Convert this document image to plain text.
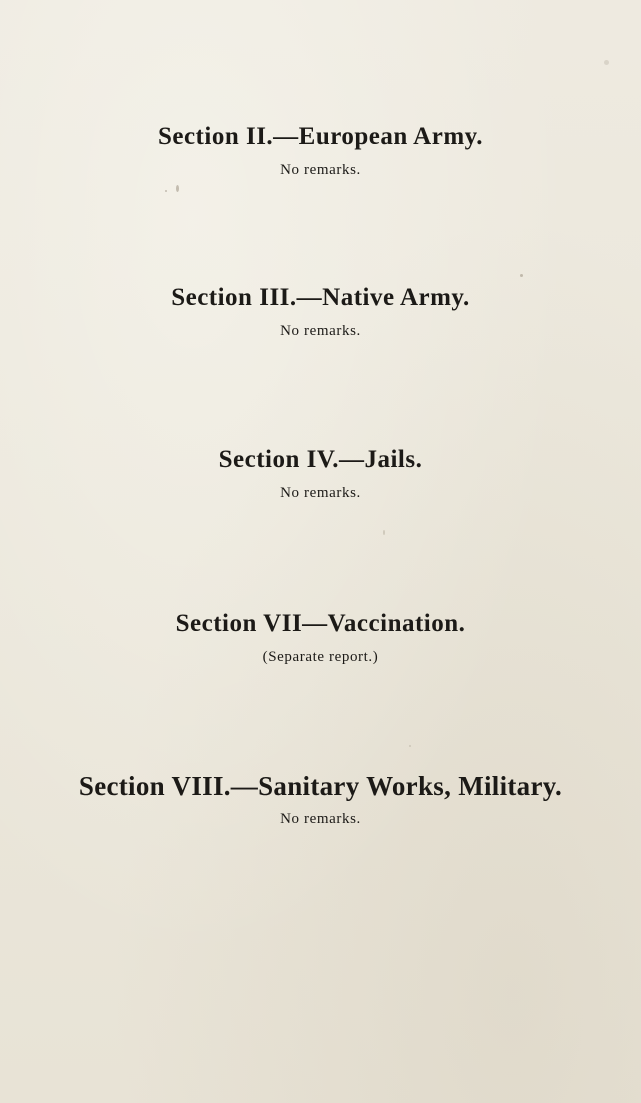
Section II.—European Army.
No remarks.
Section III.—Native Army.
No remarks.
Section IV.—Jails.
No remarks.
Section VII—Vaccination.
(Separate report.)
Section VIII.—Sanitary Works, Military.
No remarks.
